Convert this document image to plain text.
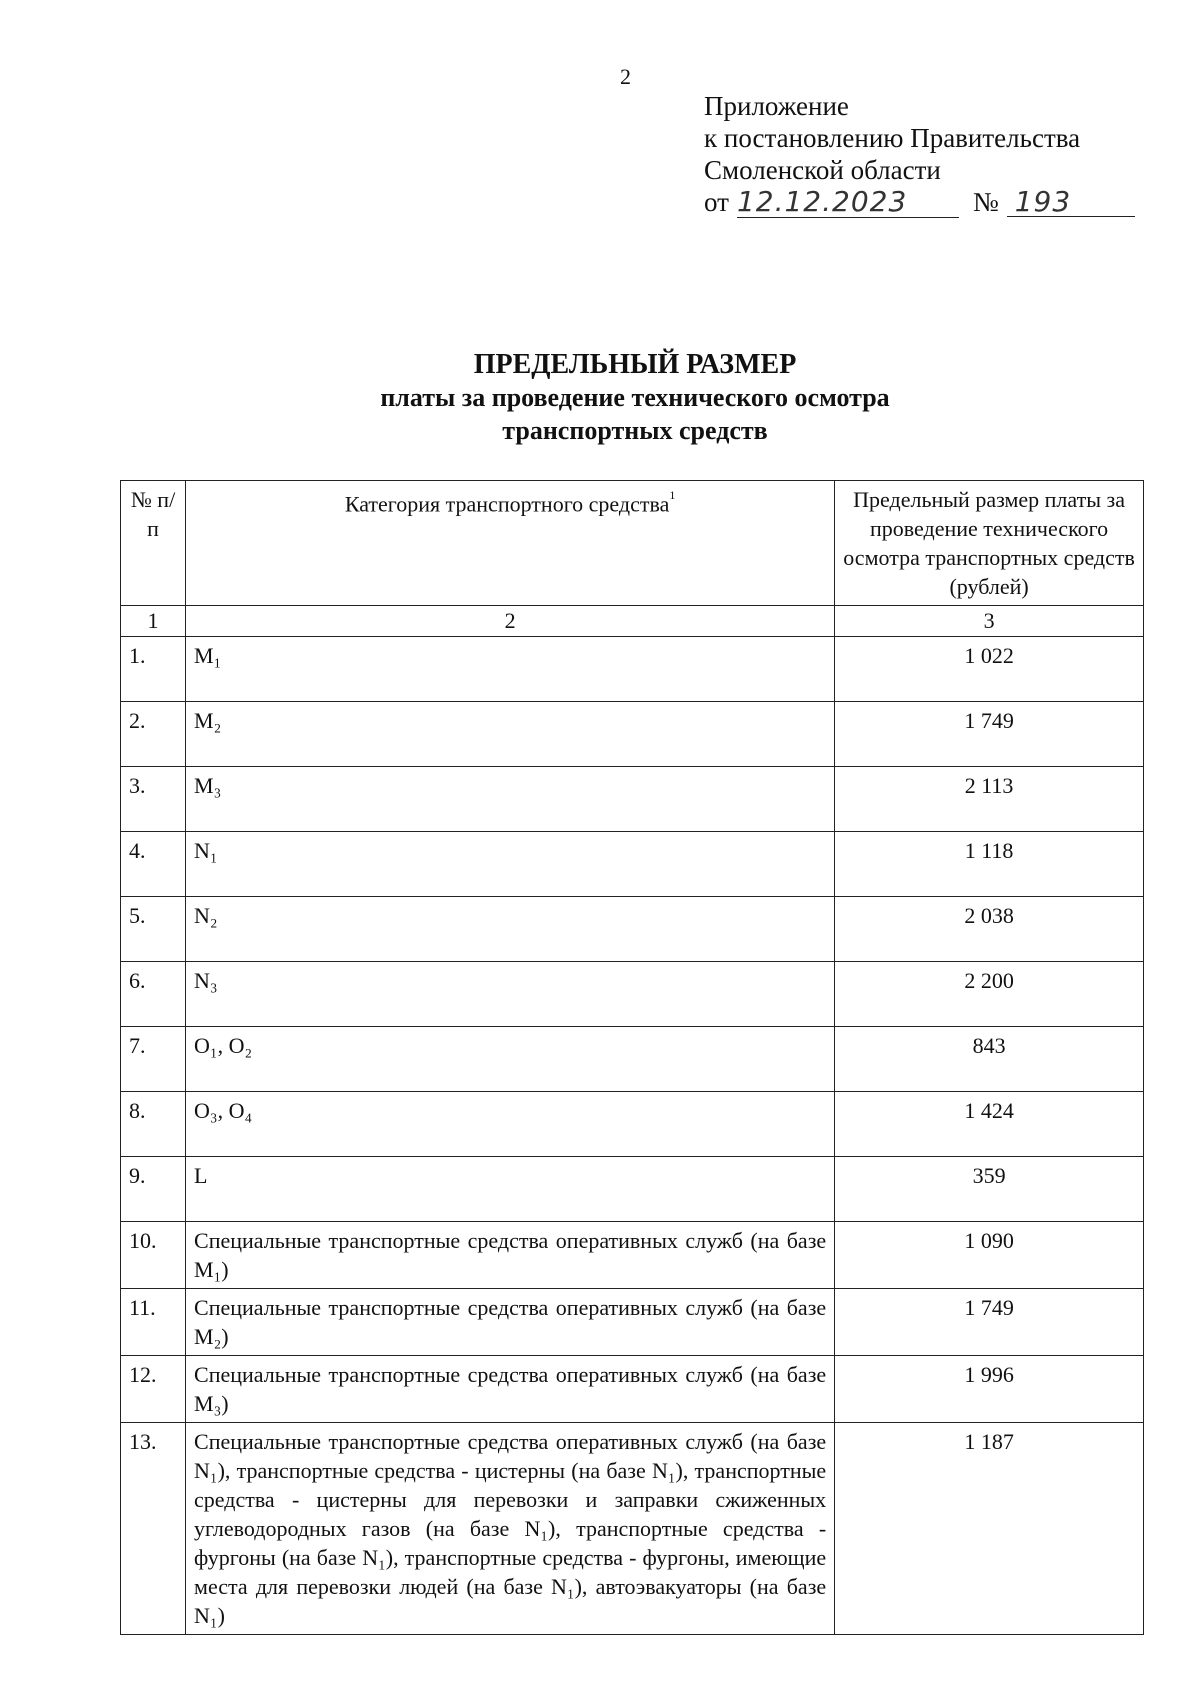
2
Приложение
к постановлению Правительства
Смоленской области
от 12.12.2023 № 193
ПРЕДЕЛЬНЫЙ РАЗМЕР
платы за проведение технического осмотра
транспортных средств
№ п/п	Категория транспортного средства$^1$	Предельный размер платы за проведение технического осмотра транспортных средств (рублей)
1	2	3
1.	M₁	1 022
2.	M₂	1 749
3.	M₃	2 113
4.	N₁	1 118
5.	N₂	2 038
6.	N₃	2 200
7.	O₁, O₂	843
8.	O₃, O₄	1 424
9.	L	359
10.	Специальные транспортные средства оперативных служб (на базе M₁)	1 090
11.	Специальные транспортные средства оперативных служб (на базе M₂)	1 749
12.	Специальные транспортные средства оперативных служб (на базе M₃)	1 996
13.	Специальные транспортные средства оперативных служб (на базе N₁), транспортные средства - цистерны (на базе N₁), транспортные средства - цистерны для перевозки и заправки сжиженных углеводородных газов (на базе N₁), транспортные средства - фургоны (на базе N₁), транспортные средства - фургоны, имеющие места для перевозки людей (на базе N₁), автоэвакуаторы (на базе N₁)	1 187
